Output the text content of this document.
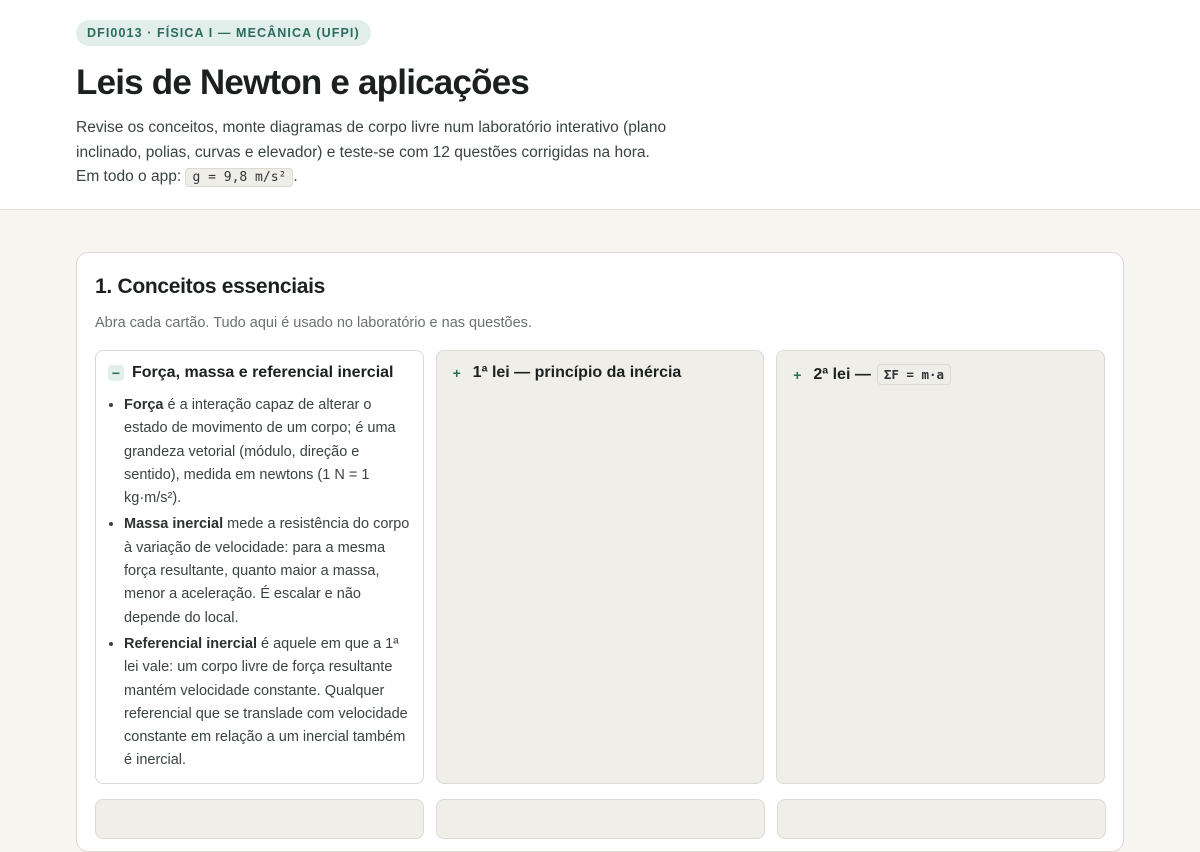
DFI0013 · FÍSICA I — MECÂNICA (UFPI)
Leis de Newton e aplicações

Revise os conceitos, monte diagramas de corpo livre num laboratório interativo (plano inclinado, polias, curvas e elevador) e teste-se com 12 questões corrigidas na hora.
Em todo o app: g = 9,8 m/s² .

1. Conceitos essenciais

Abra cada cartão. Tudo aqui é usado no laboratório e nas questões.

− Força, massa e referencial inercial
• Força é a interação capaz de alterar o estado de movimento de um corpo; é uma grandeza vetorial (módulo, direção e sentido), medida em newtons (1 N = 1 kg·m/s²).
• Massa inercial mede a resistência do corpo à variação de velocidade: para a mesma força resultante, quanto maior a massa, menor a aceleração. É escalar e não depende do local.
• Referencial inercial é aquele em que a 1ª lei vale: um corpo livre de força resultante mantém velocidade constante. Qualquer referencial que se translade com velocidade constante em relação a um inercial também é inercial.
+ 1ª lei — princípio da inércia	+ 2ª lei —	ΣF = m·a
